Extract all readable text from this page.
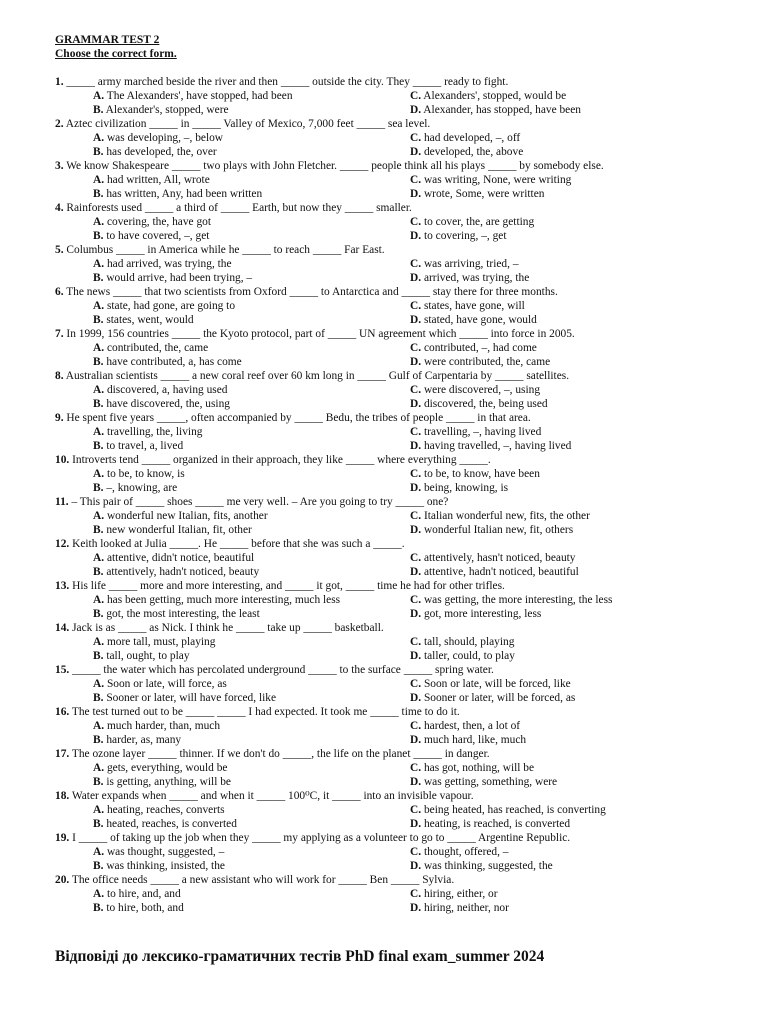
GRAMMAR TEST 2
Choose the correct form.
1. _____ army marched beside the river and then _____ outside the city. They _____ ready to fight.
A. The Alexanders', have stopped, had been	C. Alexanders', stopped, would be
B. Alexander's, stopped, were	D. Alexander, has stopped, have been
2. Aztec civilization _____ in _____ Valley of Mexico, 7,000 feet _____ sea level.
A. was developing, –, below	C. had developed, –, off
B. has developed, the, over	D. developed, the, above
3. We know Shakespeare _____ two plays with John Fletcher. _____ people think all his plays _____ by somebody else.
A. had written, All, wrote	C. was writing, None, were writing
B. has written, Any, had been written	D. wrote, Some, were written
4. Rainforests used _____ a third of _____ Earth, but now they _____ smaller.
A. covering, the, have got	C. to cover, the, are getting
B. to have covered, –, get	D. to covering, –, get
5. Columbus _____ in America while he _____ to reach _____ Far East.
A. had arrived, was trying, the	C. was arriving, tried, –
B. would arrive, had been trying, –	D. arrived, was trying, the
6. The news _____ that two scientists from Oxford _____ to Antarctica and _____ stay there for three months.
A. state, had gone, are going to	C. states, have gone, will
B. states, went, would	D. stated, have gone, would
7. In 1999, 156 countries _____ the Kyoto protocol, part of _____ UN agreement which _____ into force in 2005.
A. contributed, the, came	C. contributed, –, had come
B. have contributed, a, has come	D. were contributed, the, came
8. Australian scientists _____ a new coral reef over 60 km long in _____ Gulf of Carpentaria by _____ satellites.
A. discovered, a, having used	C. were discovered, –, using
B. have discovered, the, using	D. discovered, the, being used
9. He spent five years _____, often accompanied by _____ Bedu, the tribes of people _____ in that area.
A. travelling, the, living	C. travelling, –, having lived
B. to travel, a, lived	D. having travelled, –, having lived
10. Introverts tend _____ organized in their approach, they like _____ where everything _____.
A. to be, to know, is	C. to be, to know, have been
B. –, knowing, are	D. being, knowing, is
11. – This pair of _____ shoes _____ me very well. – Are you going to try _____ one?
A. wonderful new Italian, fits, another	C. Italian wonderful new, fits, the other
B. new wonderful Italian, fit, other	D. wonderful Italian new, fit, others
12. Keith looked at Julia _____. He _____ before that she was such a _____.
A. attentive, didn't notice, beautiful	C. attentively, hasn't noticed, beauty
B. attentively, hadn't noticed, beauty	D. attentive, hadn't noticed, beautiful
13. His life _____ more and more interesting, and _____ it got, _____ time he had for other trifles.
A. has been getting, much more interesting, much less	C. was getting, the more interesting, the less
B. got, the most interesting, the least	D. got, more interesting, less
14. Jack is as _____ as Nick. I think he _____ take up _____ basketball.
A. more tall, must, playing	C. tall, should, playing
B. tall, ought, to play	D. taller, could, to play
15. _____ the water which has percolated underground _____ to the surface _____ spring water.
A. Soon or late, will force, as	C. Soon or late, will be forced, like
B. Sooner or later, will have forced, like	D. Sooner or later, will be forced, as
16. The test turned out to be _____ _____ I had expected. It took me _____ time to do it.
A. much harder, than, much	C. hardest, then, a lot of
B. harder, as, many	D. much hard, like, much
17. The ozone layer _____ thinner. If we don't do _____, the life on the planet _____ in danger.
A. gets, everything, would be	C. has got, nothing, will be
B. is getting, anything, will be	D. was getting, something, were
18. Water expands when _____ and when it _____ 100⁰C, it _____ into an invisible vapour.
A. heating, reaches, converts	C. being heated, has reached, is converting
B. heated, reaches, is converted	D. heating, is reached, is converted
19. I _____ of taking up the job when they _____ my applying as a volunteer to go to _____ Argentine Republic.
A. was thought, suggested, –	C. thought, offered, –
B. was thinking, insisted, the	D. was thinking, suggested, the
20. The office needs _____ a new assistant who will work for _____ Ben _____ Sylvia.
A. to hire, and, and	C. hiring, either, or
B. to hire, both, and	D. hiring, neither, nor
Відповіді до лексико-граматичних тестів PhD final exam_summer 2024
